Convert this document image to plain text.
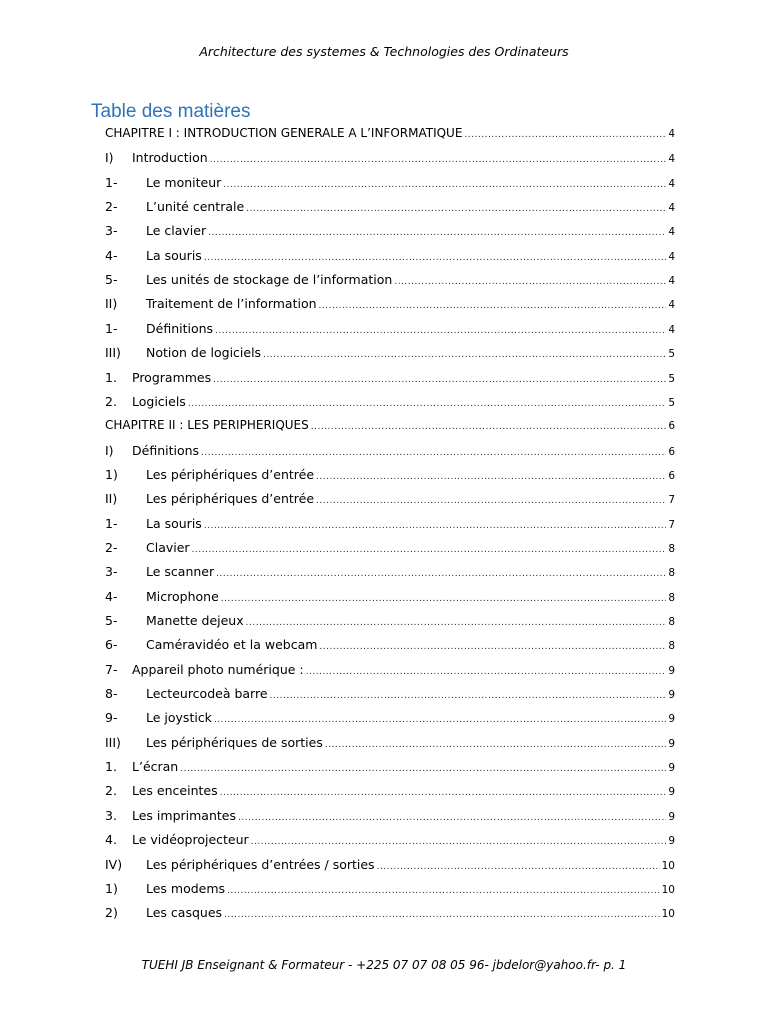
Architecture des systemes & Technologies des Ordinateurs
Table des matières
CHAPITRE I : INTRODUCTION GENERALE A L’INFORMATIQUE .....	4
I)	Introduction .....	4
1-	Le moniteur .....	4
2-	L’unité centrale .....	4
3-	Le clavier .....	4
4-	La souris .....	4
5-	Les unités de stockage de l’information .....	4
II)	Traitement de l’information .....	4
1-	Définitions .....	4
III)	Notion de logiciels .....	5
1.	Programmes .....	5
2.	Logiciels .....	5
CHAPITRE II : LES PERIPHERIQUES .....	6
I)	Définitions .....	6
1)	Les périphériques d’entrée .....	6
II)	Les périphériques d’entrée .....	7
1-	La souris .....	7
2-	Clavier .....	8
3-	Le scanner .....	8
4-	Microphone .....	8
5-	Manette dejeux .....	8
6-	Caméravidéo et la webcam .....	8
7-	Appareil photo numérique : .....	9
8-	Lecteurcodeà barre .....	9
9-	Le joystick .....	9
III)	Les périphériques de sorties .....	9
1.	L’écran .....	9
2.	Les enceintes .....	9
3.	Les imprimantes .....	9
4.	Le vidéoprojecteur .....	9
IV)	Les périphériques d’entrées / sorties .....	10
1)	Les modems .....	10
2)	Les casques .....	10
TUEHI JB Enseignant & Formateur - +225 07 07 08 05 96- jbdelor@yahoo.fr- p. 1
